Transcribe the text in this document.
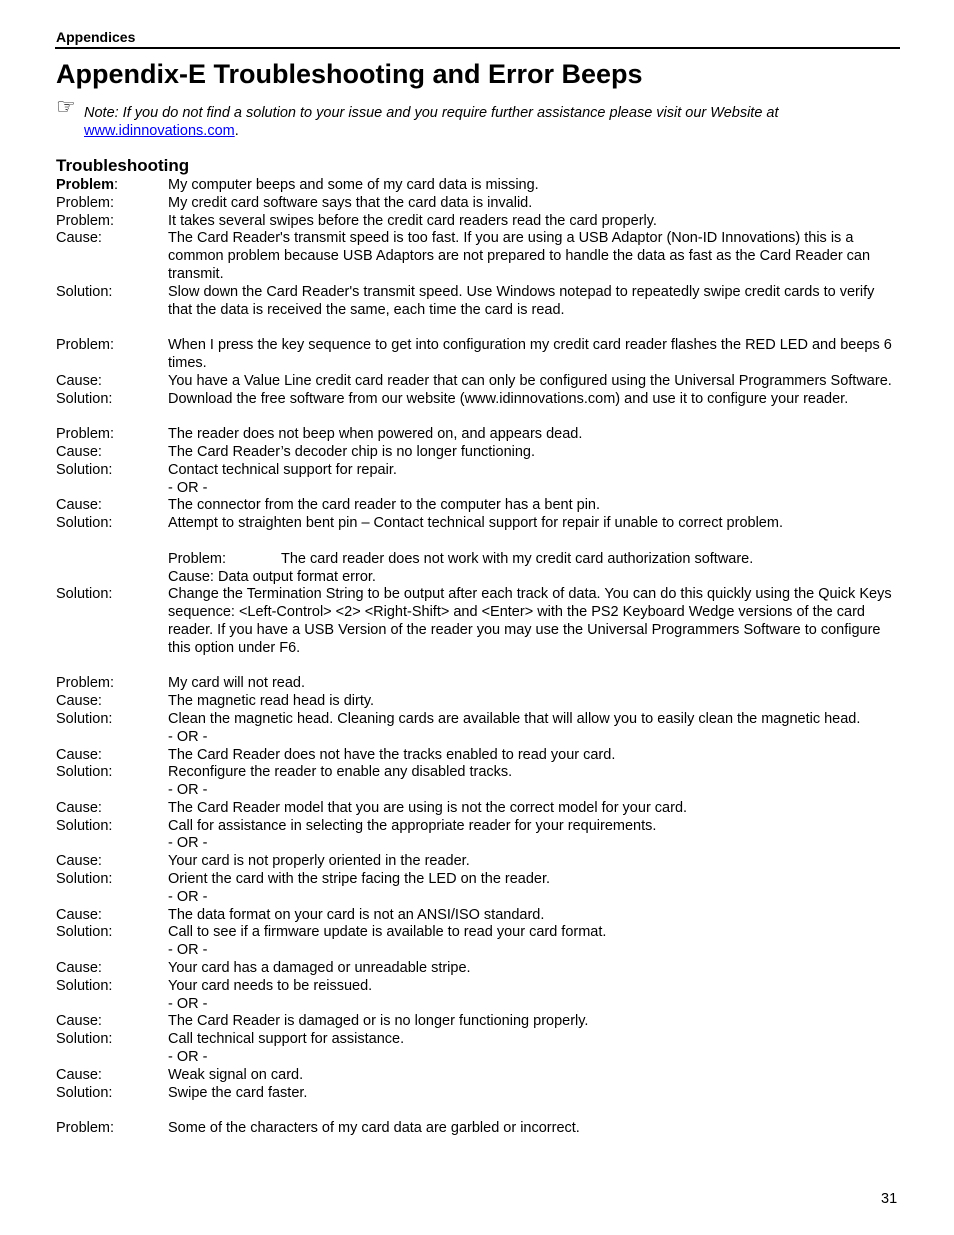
Appendices
Appendix-E Troubleshooting and Error Beeps
☞ Note: If you do not find a solution to your issue and you require further assistance please visit our Website at
www.idinnovations.com.
Troubleshooting
Problem:	My computer beeps and some of my card data is missing.
Problem:	My credit card software says that the card data is invalid.
Problem:	It takes several swipes before the credit card readers read the card properly.
Cause:	The Card Reader's transmit speed is too fast. If you are using a USB Adaptor (Non-ID Innovations) this is a common problem because USB Adaptors are not prepared to handle the data as fast as the Card Reader can transmit.
Solution:	Slow down the Card Reader's transmit speed. Use Windows notepad to repeatedly swipe credit cards to verify that the data is received the same, each time the card is read.
Problem:	When I press the key sequence to get into configuration my credit card reader flashes the RED LED and beeps 6 times.
Cause:	You have a Value Line credit card reader that can only be configured using the Universal Programmers Software.
Solution:	Download the free software from our website (www.idinnovations.com) and use it to configure your reader.
Problem:	The reader does not beep when powered on, and appears dead.
Cause:	The Card Reader’s decoder chip is no longer functioning.
Solution:	Contact technical support for repair.
- OR -
Cause:	The connector from the card reader to the computer has a bent pin.
Solution:	Attempt to straighten bent pin – Contact technical support for repair if unable to correct problem.
Problem:	The card reader does not work with my credit card authorization software.
Cause: Data output format error.
Solution:	Change the Termination String to be output after each track of data. You can do this quickly using the Quick Keys sequence: <Left-Control> <2> <Right-Shift> and <Enter> with the PS2 Keyboard Wedge versions of the card reader. If you have a USB Version of the reader you may use the Universal Programmers Software to configure this option under F6.
Problem:	My card will not read.
Cause:	The magnetic read head is dirty.
Solution:	Clean the magnetic head. Cleaning cards are available that will allow you to easily clean the magnetic head.
- OR -
Cause:	The Card Reader does not have the tracks enabled to read your card.
Solution:	Reconfigure the reader to enable any disabled tracks.
- OR -
Cause:	The Card Reader model that you are using is not the correct model for your card.
Solution:	Call for assistance in selecting the appropriate reader for your requirements.
- OR -
Cause:	Your card is not properly oriented in the reader.
Solution:	Orient the card with the stripe facing the LED on the reader.
- OR -
Cause:	The data format on your card is not an ANSI/ISO standard.
Solution:	Call to see if a firmware update is available to read your card format.
- OR -
Cause:	Your card has a damaged or unreadable stripe.
Solution:	Your card needs to be reissued.
- OR -
Cause:	The Card Reader is damaged or is no longer functioning properly.
Solution:	Call technical support for assistance.
- OR -
Cause:	Weak signal on card.
Solution:	Swipe the card faster.
Problem:	Some of the characters of my card data are garbled or incorrect.
31
